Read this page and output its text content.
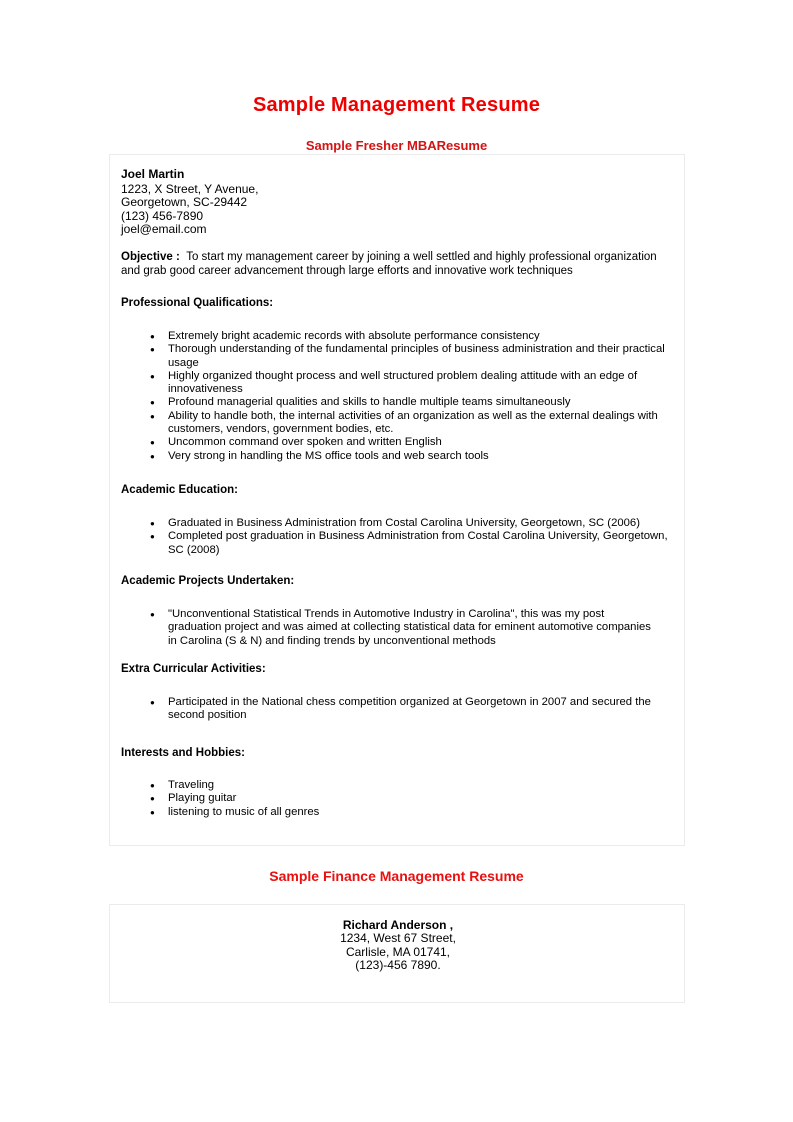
Sample Management Resume
Sample Fresher MBAResume
Joel Martin
1223, X Street, Y Avenue,
Georgetown, SC-29442
(123) 456-7890
joel@email.com
Objective : To start my management career by joining a well settled and highly professional organization and grab good career advancement through large efforts and innovative work techniques
Professional Qualifications:
● Extremely bright academic records with absolute performance consistency
● Thorough understanding of the fundamental principles of business administration and their practical usage
● Highly organized thought process and well structured problem dealing attitude with an edge of innovativeness
● Profound managerial qualities and skills to handle multiple teams simultaneously
● Ability to handle both, the internal activities of an organization as well as the external dealings with customers, vendors, government bodies, etc.
● Uncommon command over spoken and written English
● Very strong in handling the MS office tools and web search tools
Academic Education:
● Graduated in Business Administration from Costal Carolina University, Georgetown, SC (2006)
● Completed post graduation in Business Administration from Costal Carolina University, Georgetown, SC (2008)
Academic Projects Undertaken:
● "Unconventional Statistical Trends in Automotive Industry in Carolina", this was my post graduation project and was aimed at collecting statistical data for eminent automotive companies in Carolina (S & N) and finding trends by unconventional methods
Extra Curricular Activities:
● Participated in the National chess competition organized at Georgetown in 2007 and secured the second position
Interests and Hobbies:
● Traveling
● Playing guitar
● listening to music of all genres
Sample Finance Management Resume
Richard Anderson ,
1234, West 67 Street,
Carlisle, MA 01741,
(123)-456 7890.
